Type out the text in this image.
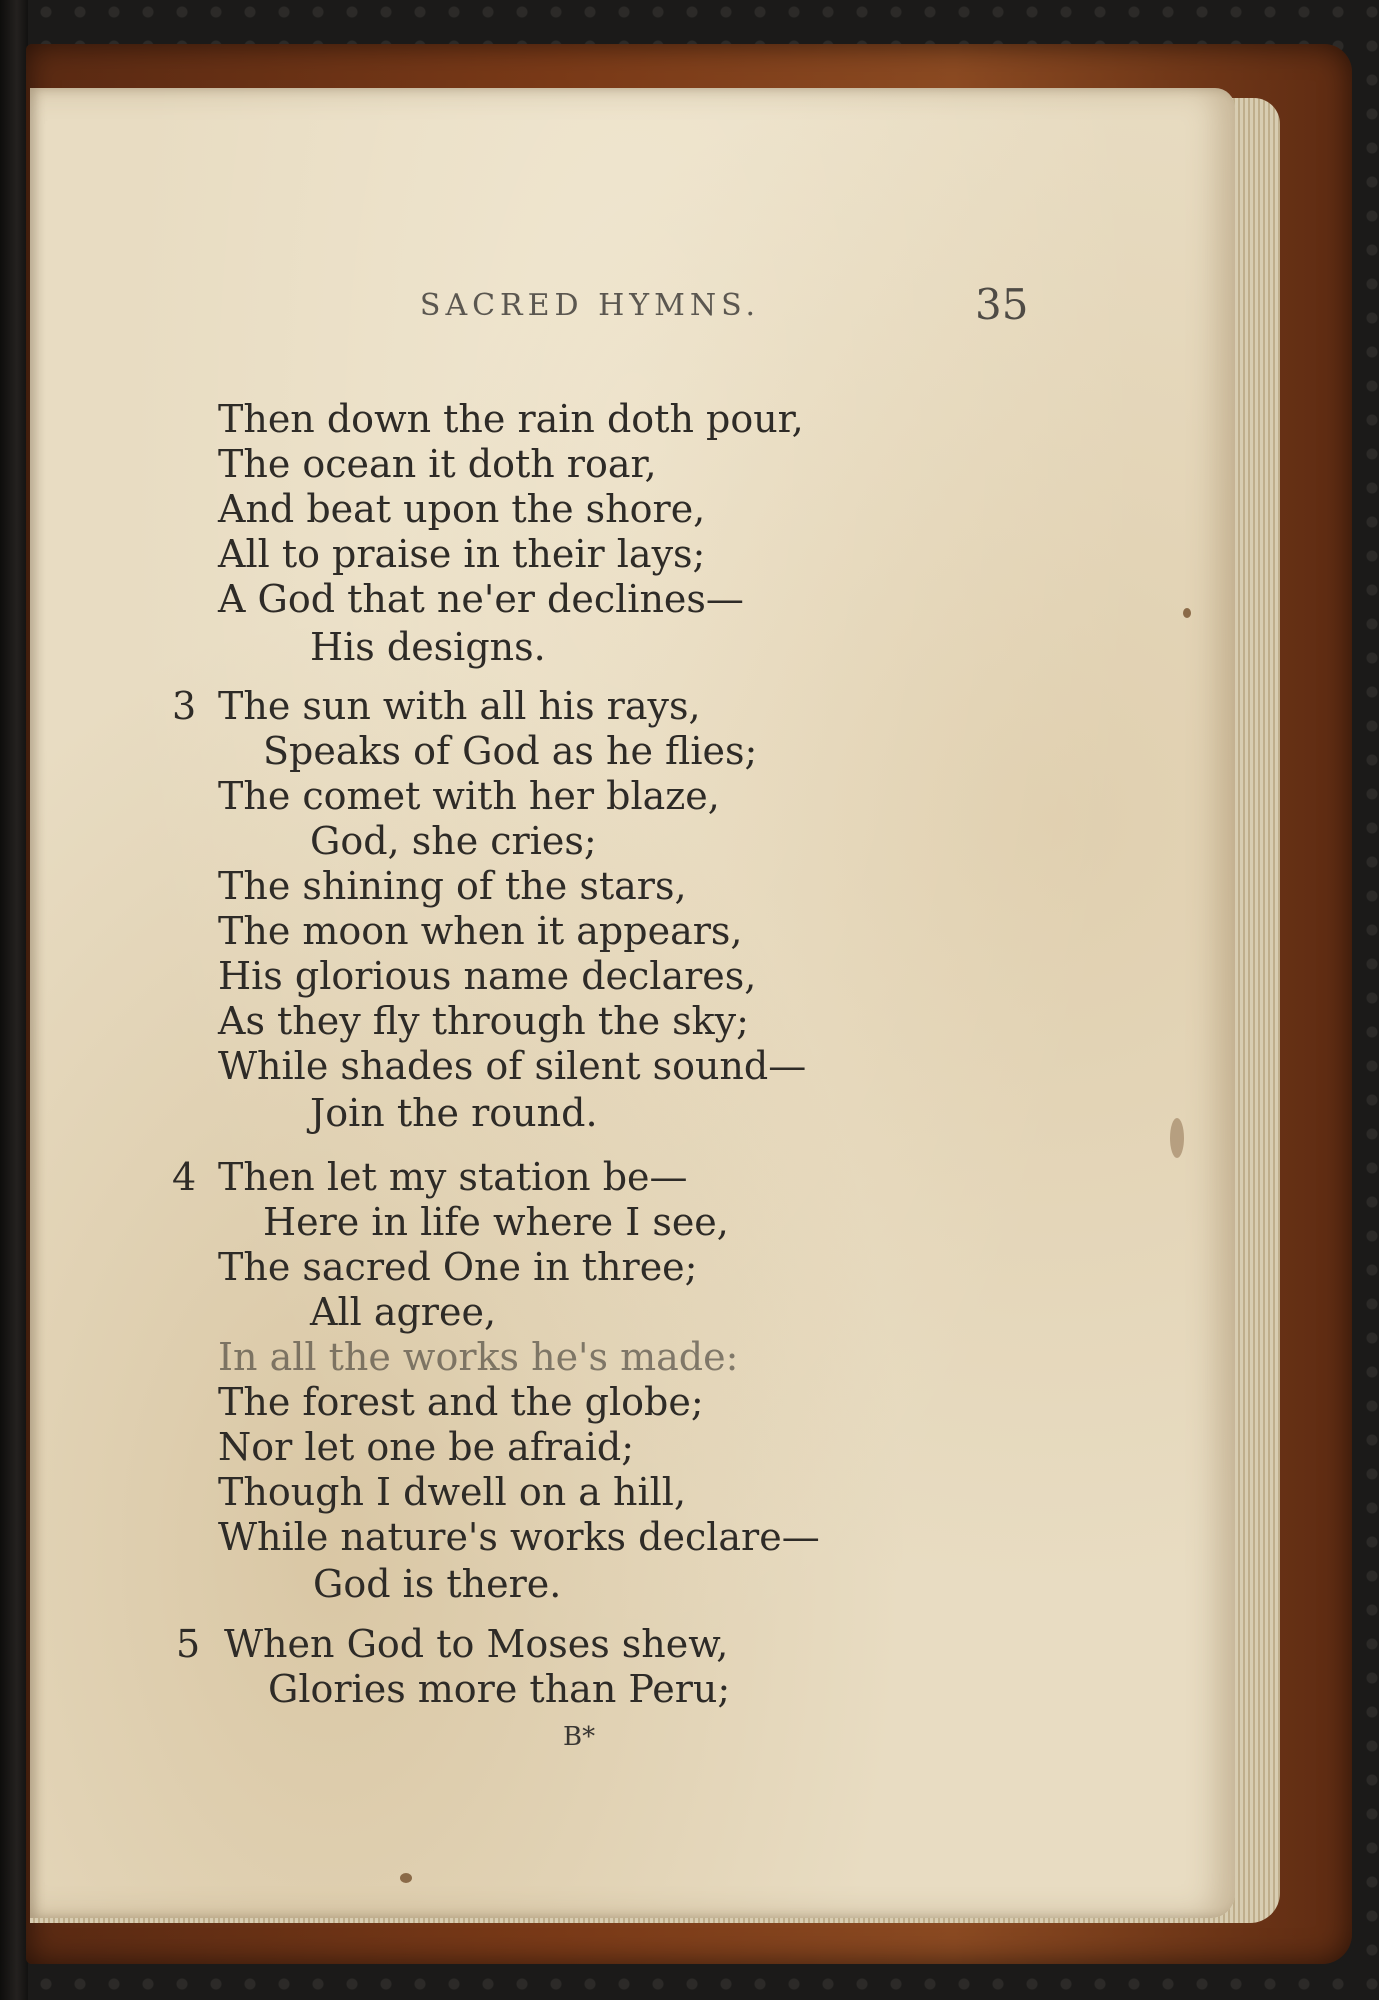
SACRED HYMNS.	35
Then down the rain doth pour,
The ocean it doth roar,
And beat upon the shore,
All to praise in their lays;
A God that ne'er declines—
His designs.
3 The sun with all his rays,
Speaks of God as he flies;
The comet with her blaze,
God, she cries;
The shining of the stars,
The moon when it appears,
His glorious name declares,
As they fly through the sky;
While shades of silent sound—
Join the round.
4 Then let my station be—
Here in life where I see,
The sacred One in three;
All agree,
In all the works he's made:
The forest and the globe;
Nor let one be afraid;
Though I dwell on a hill,
While nature's works declare—
God is there.
5 When God to Moses shew,
Glories more than Peru;
B*
